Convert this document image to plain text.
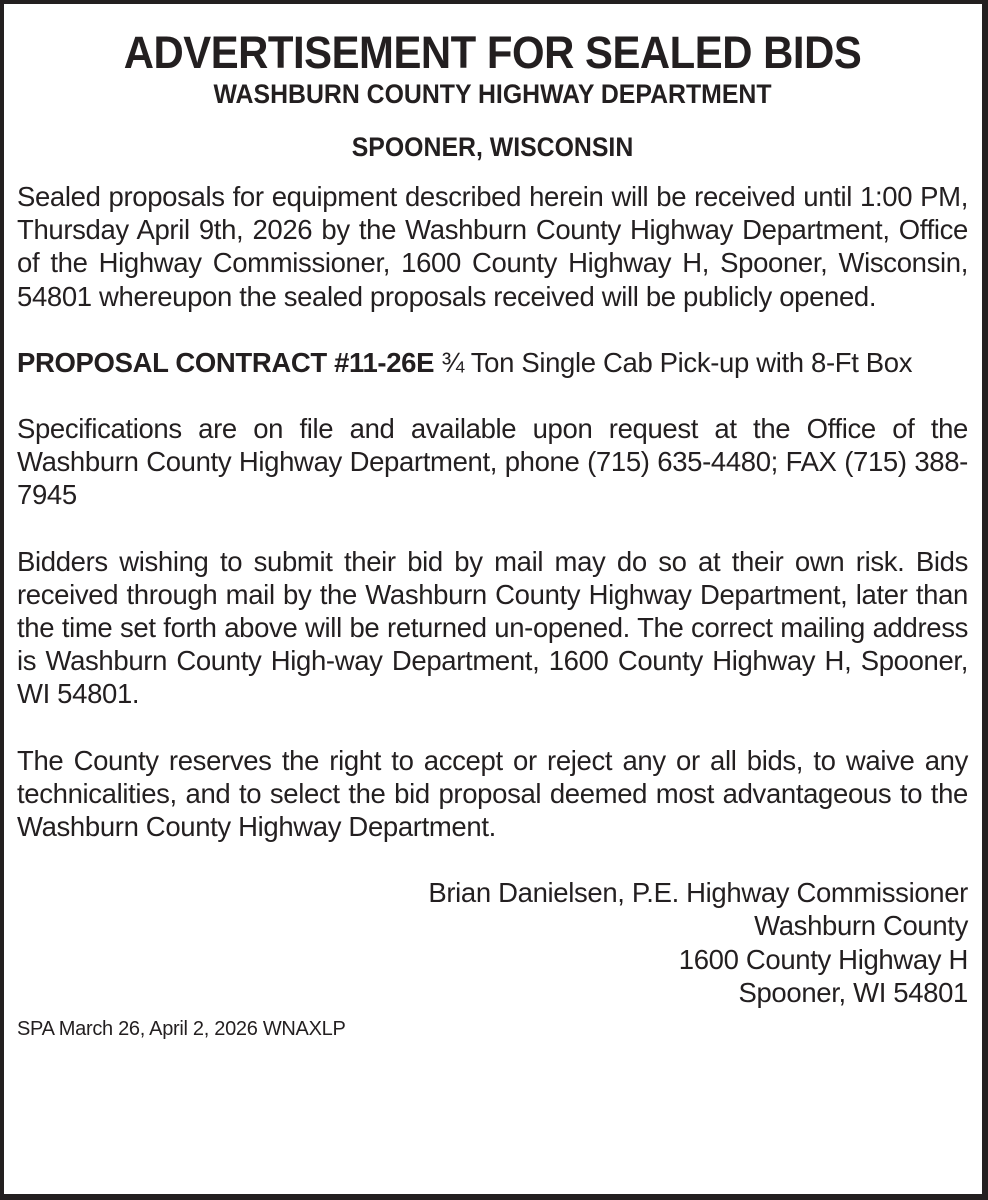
ADVERTISEMENT FOR SEALED BIDS
WASHBURN COUNTY HIGHWAY DEPARTMENT
SPOONER, WISCONSIN

Sealed proposals for equipment described herein will be received until 1:00 PM, Thursday April 9th, 2026 by the Washburn County Highway Department, Office of the Highway Commissioner, 1600 County Highway H, Spooner, Wisconsin, 54801 whereupon the sealed proposals received will be publicly opened.

PROPOSAL CONTRACT #11-26E ¾ Ton Single Cab Pick-up with 8-Ft Box

Specifications are on file and available upon request at the Office of the Washburn County Highway Department, phone (715) 635-4480; FAX (715) 388-7945

Bidders wishing to submit their bid by mail may do so at their own risk. Bids received through mail by the Washburn County Highway Department, later than the time set forth above will be returned un-opened. The correct mailing address is Washburn County High-way Department, 1600 County Highway H, Spooner, WI 54801.

The County reserves the right to accept or reject any or all bids, to waive any technicalities, and to select the bid proposal deemed most advantageous to the Washburn County Highway Department.

Brian Danielsen, P.E. Highway Commissioner
Washburn County
1600 County Highway H
Spooner, WI 54801
SPA March 26, April 2, 2026 WNAXLP
